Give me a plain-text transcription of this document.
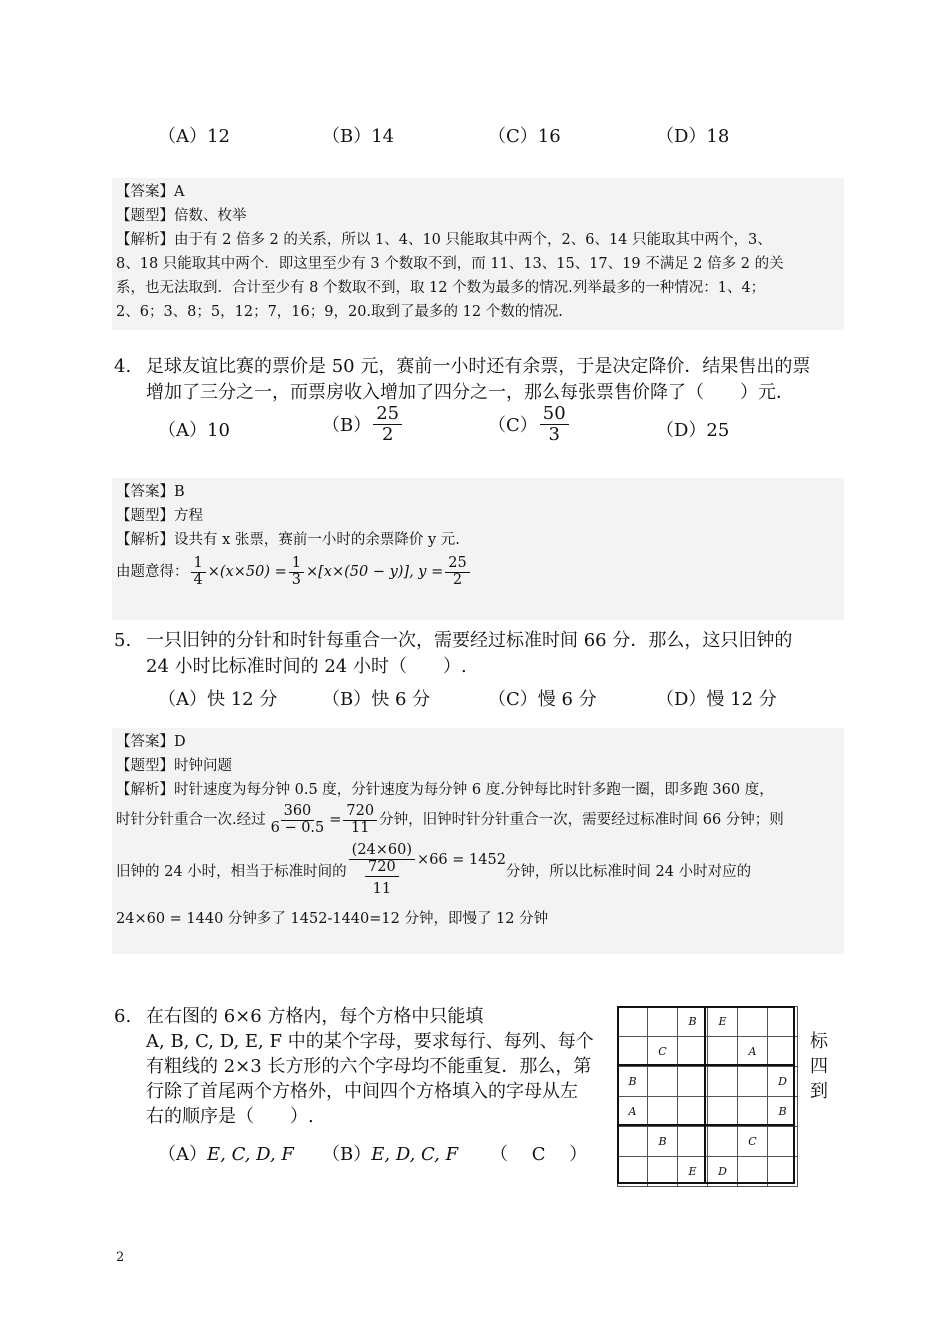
（A）12	（B）14	（C）16	（D）18

【答案】A

【题型】倍数、枚举

【解析】由于有 2 倍多 2 的关系，所以 1、4、10 只能取其中两个，2、6、14 只能取其中两个，3、

8、18 只能取其中两个．即这里至少有 3 个数取不到，而 11、13、15、17、19 不满足 2 倍多 2 的关

系，也无法取到．合计至少有 8 个数取不到，取 12 个数为最多的情况.列举最多的一种情况：1、4；

2、6；3、8；5，12；7，16；9，20.取到了最多的 12 个数的情况.

4. 足球友谊比赛的票价是 50 元，赛前一小时还有余票，于是决定降价．结果售出的票
增加了三分之一，而票房收入增加了四分之一，那么每张票售价降了（　　）元．
（A）10	$(B) \frac{25}{2}$	$(C) \frac{50}{3}$	（D）25

【答案】B

【题型】方程

【解析】设共有 x 张票，赛前一小时的余票降价 y 元.

由题意得： $\frac{1}{4} \times(x\times 50) = \frac{1}{3} \times[x\times(50 - y)]$, $y = \frac{25}{2}$
5. 一只旧钟的分针和时针每重合一次，需要经过标准时间 66 分．那么，这只旧钟的
24 小时比标准时间的 24 小时（　　）.
（A）快 12 分 （B）快 6 分	（C）慢 6 分	（D）慢 12 分

【答案】D

【题型】时钟问题

【解析】时针速度为每分钟 0.5 度，分针速度为每分钟 6 度.分钟每比时针多跑一圈，即多跑 360 度，

时针分针重合一次.经过 $\frac{360}{6 - 0.5} = \frac{720}{11}$ 分钟，旧钟时针分针重合一次，需要经过标准时间 66 分钟；则
旧钟的 24 小时，相当于标准时间的 $\frac{(24\times 60)}{720} \times 66 = 1452$
11
分钟，所以比标准时间 24 小时对应的

24×60 = 1440 分钟多了 1452-1440=12 分钟，即慢了 12 分钟

6. 在右图的 6×6 方格内，每个方格中只能填
A, B, C, D, E, F 中的某个字母，要求每行、每列、每个
有粗线的 2×3 长方形的六个字母均不能重复．那么，第
行除了首尾两个方格外，中间四个方格填入的字母从左
右的顺序是（　　）.
标
四
到
（A）E, C, D, F （B）E, D, C, F （　 C　 ）
		B	E		
	C			A	
B					D
A					B
	B			C	
		E	D		
2
